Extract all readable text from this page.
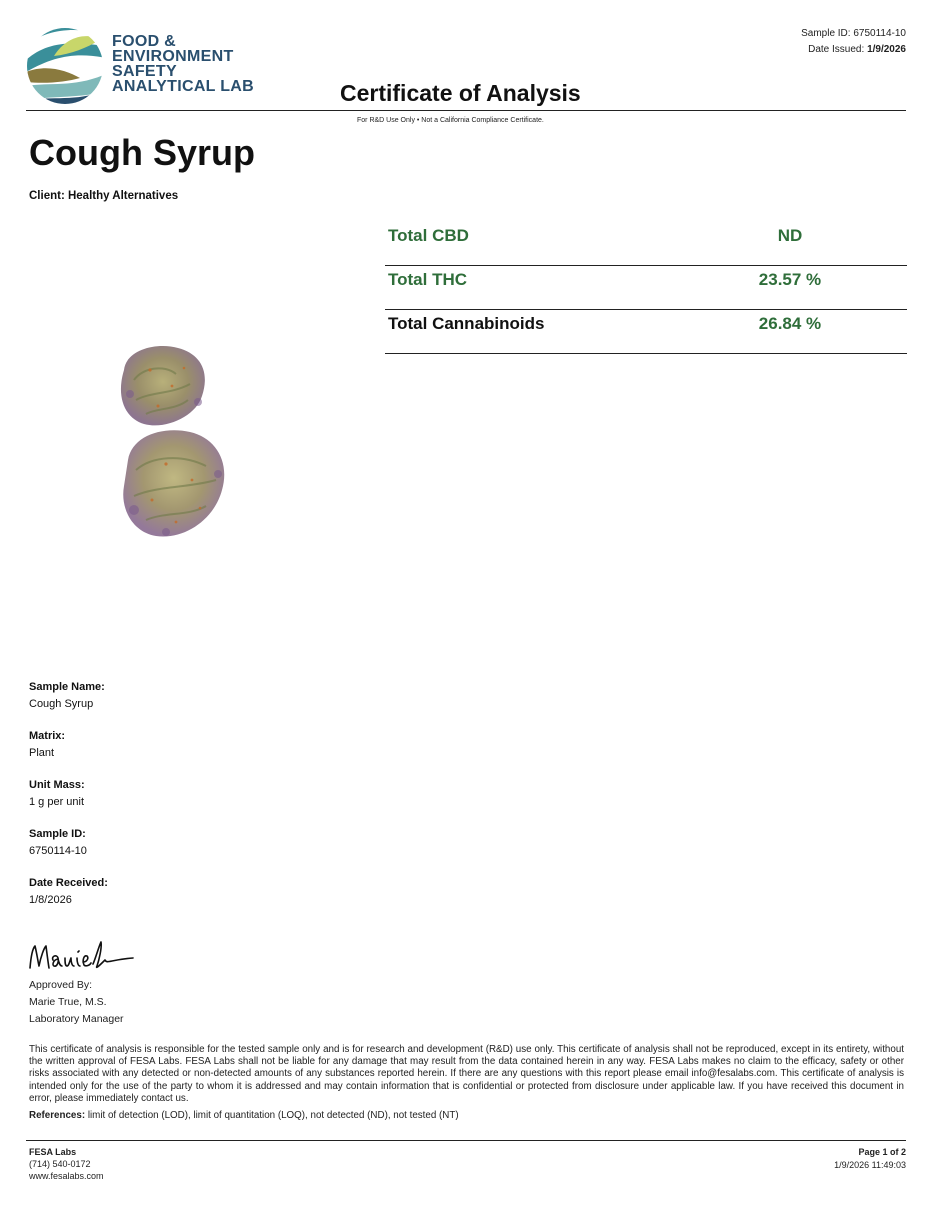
FOOD &
ENVIRONMENT
SAFETY
ANALYTICAL LAB
Sample ID: 6750114-10
Date Issued: 1/9/2026
Certificate of Analysis
For R&D Use Only • Not a California Compliance Certificate.
Cough Syrup
Client: Healthy Alternatives
Total CBD	ND
Total THC	23.57 %
Total Cannabinoids	26.84 %
Sample Name:
Cough Syrup
Matrix:
Plant
Unit Mass:
1 g per unit
Sample ID:
6750114-10
Date Received:
1/8/2026
Approved By:
Marie True, M.S.
Laboratory Manager
This certificate of analysis is responsible for the tested sample only and is for research and development (R&D) use only. This certificate of analysis shall not be reproduced, except in its entirety, without the written approval of FESA Labs. FESA Labs shall not be liable for any damage that may result from the data contained herein in any way. FESA Labs makes no claim to the efficacy, safety or other risks associated with any detected or non-detected amounts of any substances reported herein. If there are any questions with this report please email info@fesalabs.com. This certificate of analysis is intended only for the use of the party to whom it is addressed and may contain information that is confidential or protected from disclosure under applicable law. If you have received this document in error, please immediately contact us.
References: limit of detection (LOD), limit of quantitation (LOQ), not detected (ND), not tested (NT)
FESA Labs
(714) 540-0172
www.fesalabs.com
Page 1 of 2
1/9/2026 11:49:03
